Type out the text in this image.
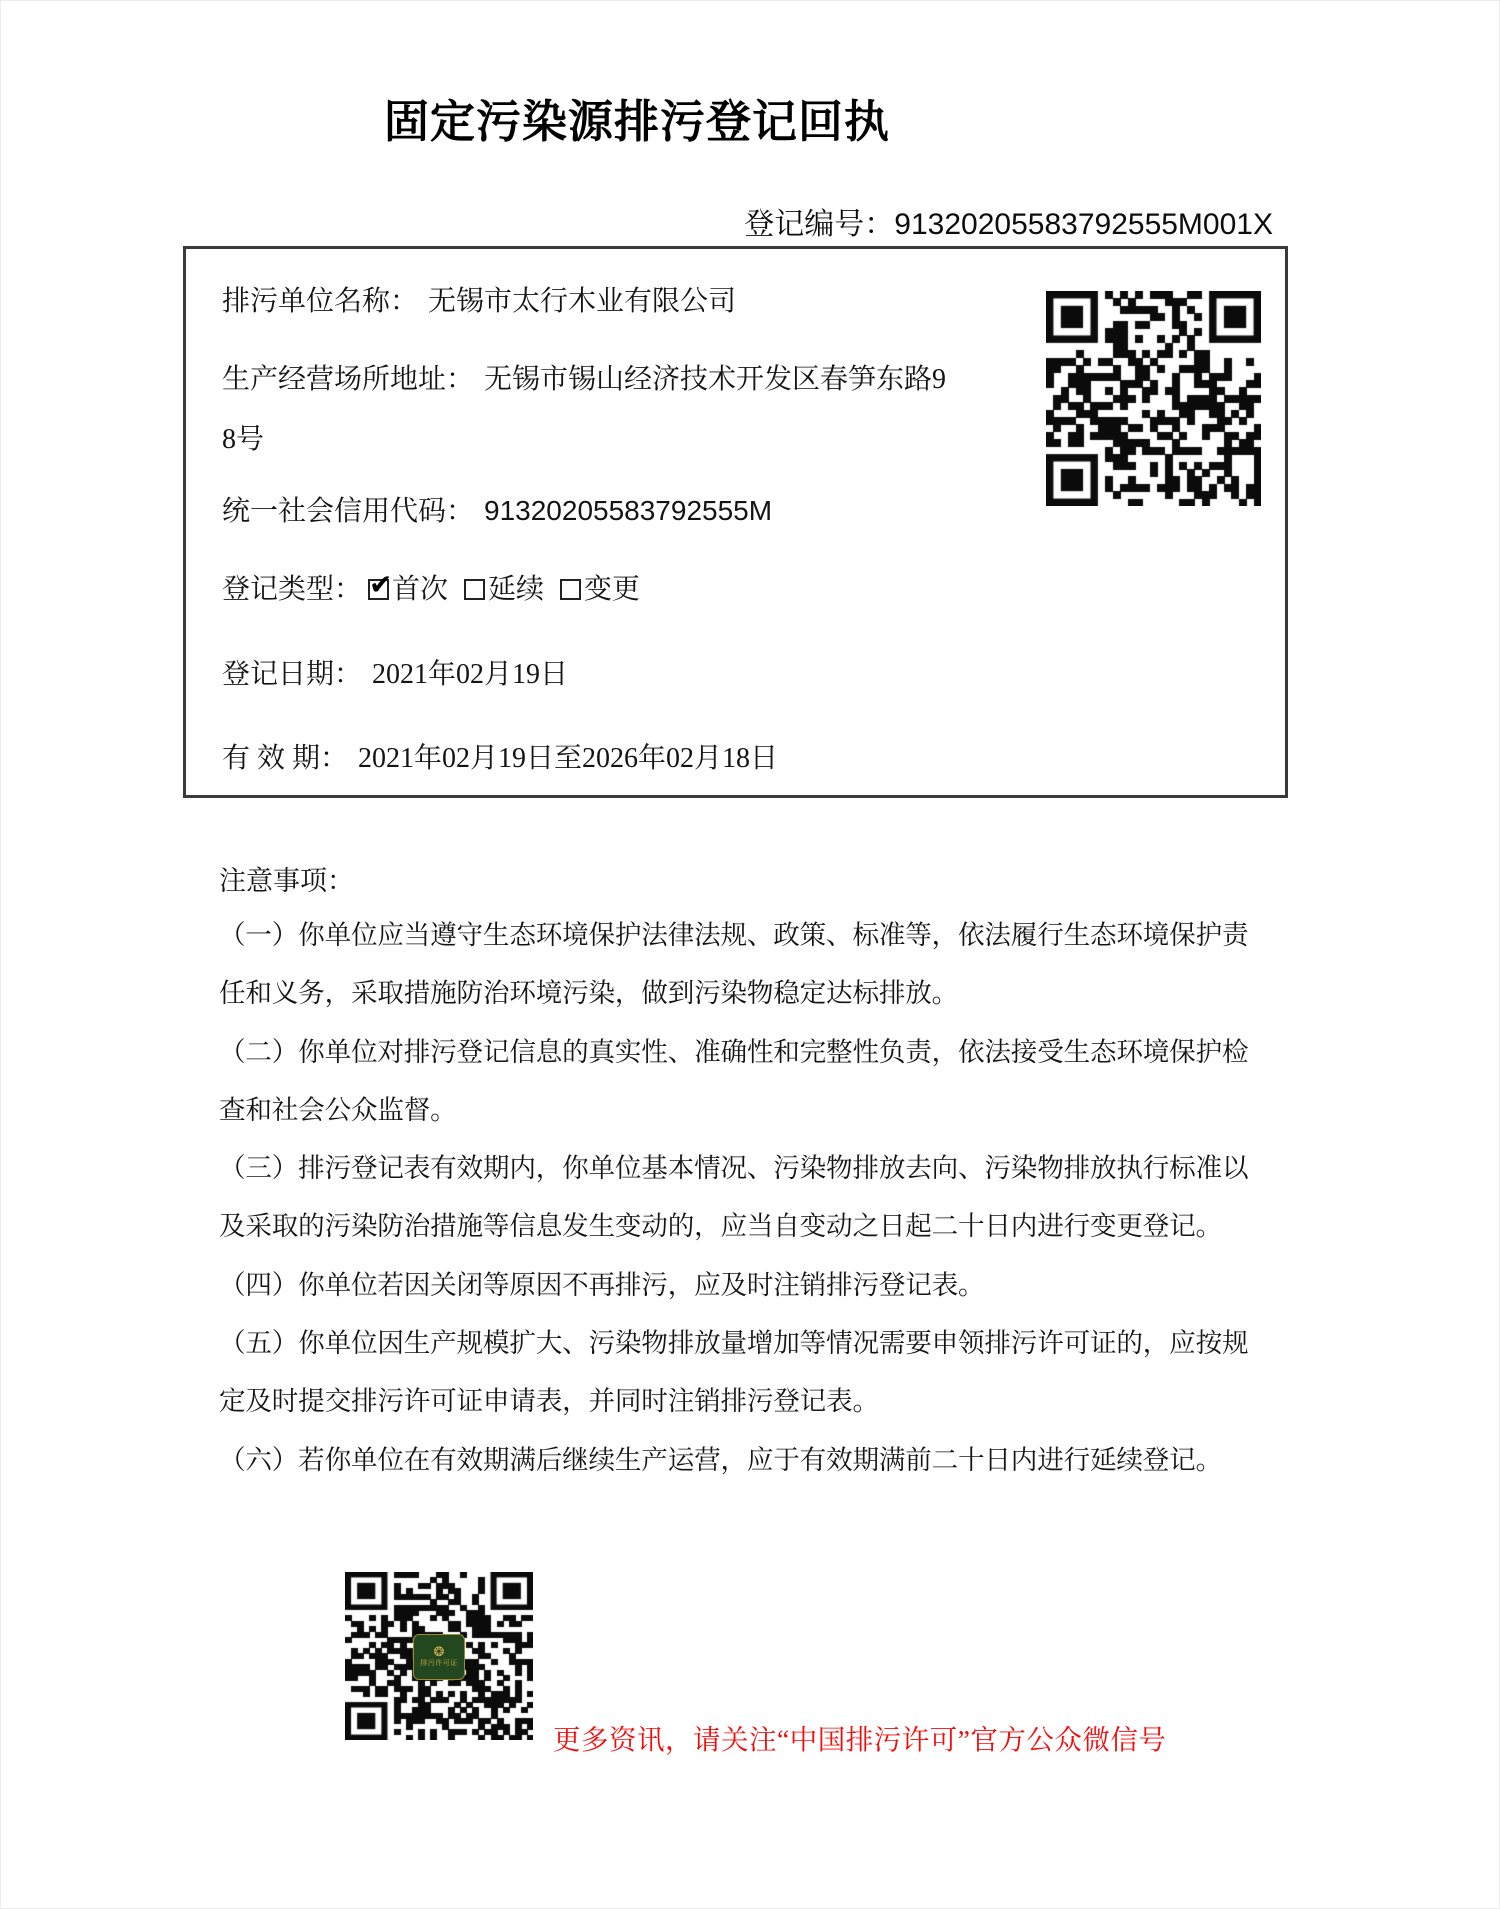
固定污染源排污登记回执
登记编号：91320205583792555M001X
排污单位名称： 无锡市太行木业有限公司
生产经营场所地址： 无锡市锡山经济技术开发区春笋东路9
8号
统一社会信用代码： 91320205583792555M
登记类型： ✔ 首次 延续 变更
登记日期： 2021年02月19日
有 效 期： 2021年02月19日至2026年02月18日
注意事项：
（一）你单位应当遵守生态环境保护法律法规、政策、标准等，依法履行生态环境保护责
任和义务，采取措施防治环境污染，做到污染物稳定达标排放。
（二）你单位对排污登记信息的真实性、准确性和完整性负责，依法接受生态环境保护检
查和社会公众监督。
（三）排污登记表有效期内，你单位基本情况、污染物排放去向、污染物排放执行标准以
及采取的污染防治措施等信息发生变动的，应当自变动之日起二十日内进行变更登记。
（四）你单位若因关闭等原因不再排污，应及时注销排污登记表。
（五）你单位因生产规模扩大、污染物排放量增加等情况需要申领排污许可证的，应按规
定及时提交排污许可证申请表，并同时注销排污登记表。
（六）若你单位在有效期满后继续生产运营，应于有效期满前二十日内进行延续登记。
❂
排污许可证
更多资讯，请关注“中国排污许可”官方公众微信号
